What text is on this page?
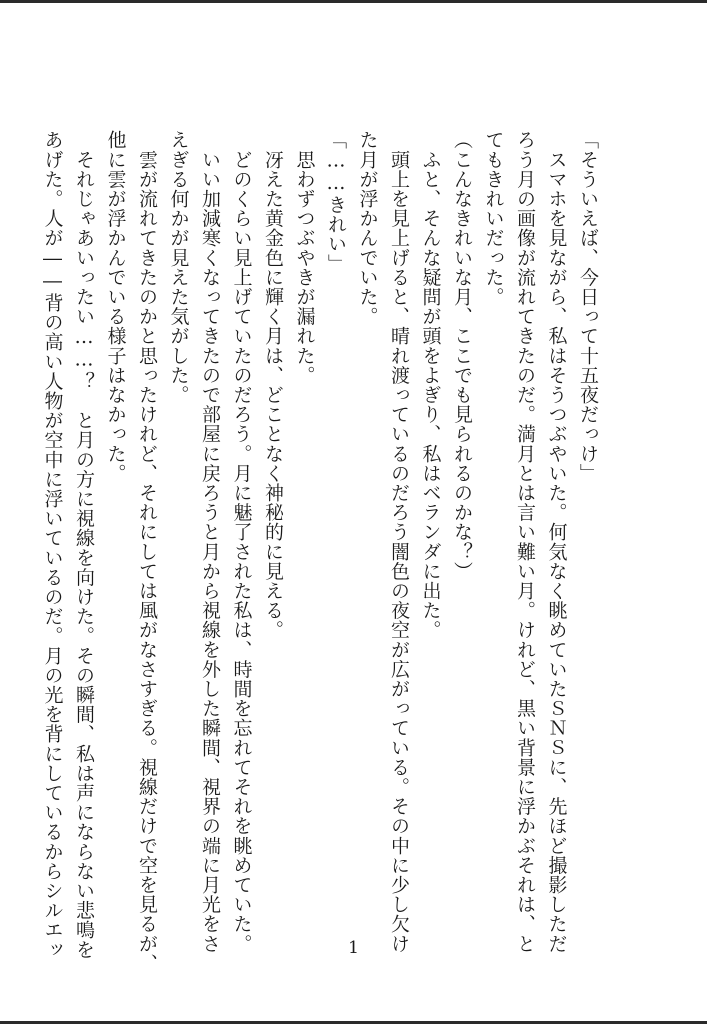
「そういえば、今日って十五夜だっけ」
　スマホを見ながら、私はそうつぶやいた。何気なく眺めていたＳＮＳに、先ほど撮影しただ
ろう月の画像が流れてきたのだ。満月とは言い難い月。けれど、黒い背景に浮かぶそれは、と
てもきれいだった。
（こんなきれいな月、ここでも見られるのかな？）
　ふと、そんな疑問が頭をよぎり、私はベランダに出た。
　頭上を見上げると、晴れ渡っているのだろう闇色の夜空が広がっている。その中に少し欠け
た月が浮かんでいた。
「……きれい」
　思わずつぶやきが漏れた。
　冴えた黄金色に輝く月は、どことなく神秘的に見える。
　どのくらい見上げていたのだろう。月に魅了された私は、時間を忘れてそれを眺めていた。
　いい加減寒くなってきたので部屋に戻ろうと月から視線を外した瞬間、視界の端に月光をさ
えぎる何かが見えた気がした。
　雲が流れてきたのかと思ったけれど、それにしては風がなさすぎる。視線だけで空を見るが、
他に雲が浮かんでいる様子はなかった。
　それじゃあいったい……？　と月の方に視線を向けた。その瞬間、私は声にならない悲鳴を
あげた。人が――背の高い人物が空中に浮いているのだ。月の光を背にしているからシルエッ	1
